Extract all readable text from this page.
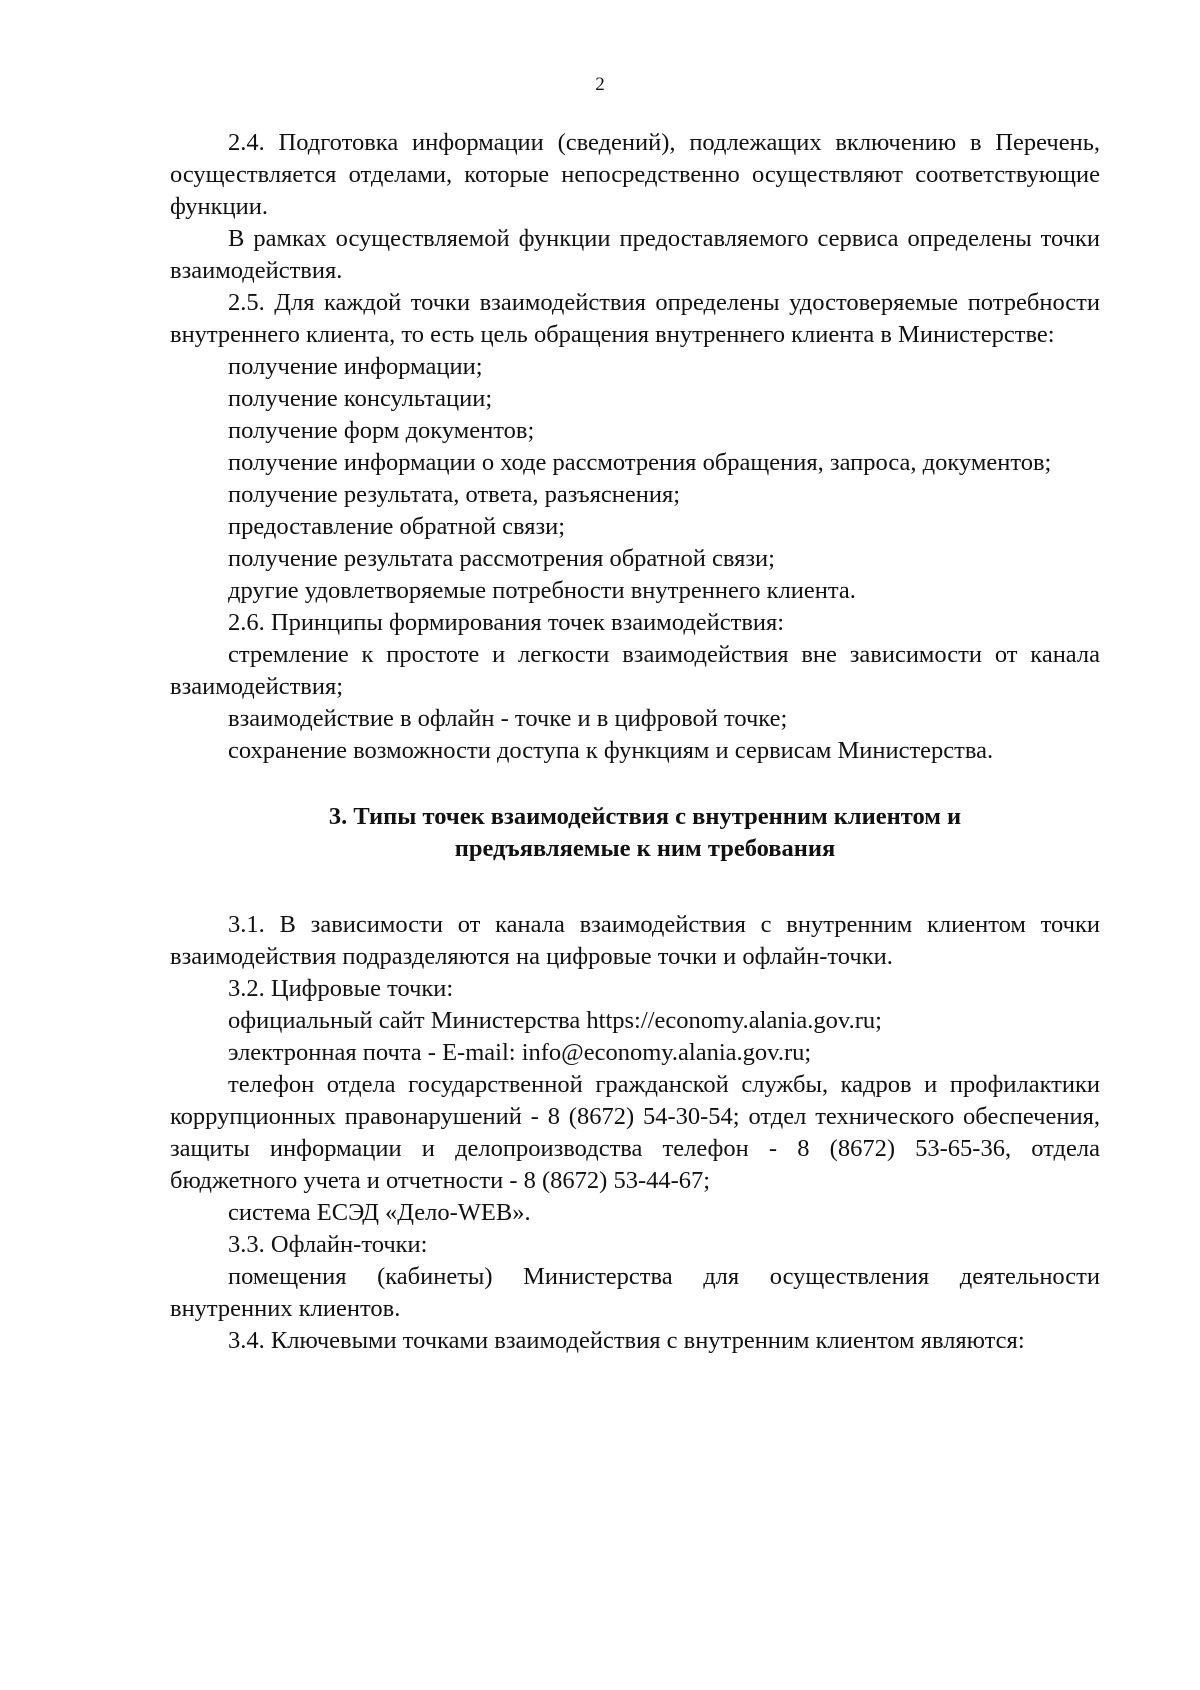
2

2.4. Подготовка информации (сведений), подлежащих включению в Перечень, осуществляется отделами, которые непосредственно осуществляют соответствующие функции.

В рамках осуществляемой функции предоставляемого сервиса определены точки взаимодействия.

2.5. Для каждой точки взаимодействия определены удостоверяемые потребности внутреннего клиента, то есть цель обращения внутреннего клиента в Министерстве:

получение информации;

получение консультации;

получение форм документов;

получение информации о ходе рассмотрения обращения, запроса, документов;

получение результата, ответа, разъяснения;

предоставление обратной связи;

получение результата рассмотрения обратной связи;

другие удовлетворяемые потребности внутреннего клиента.

2.6. Принципы формирования точек взаимодействия:

стремление к простоте и легкости взаимодействия вне зависимости от канала взаимодействия;

взаимодействие в офлайн - точке и в цифровой точке;

сохранение возможности доступа к функциям и сервисам Министерства.

3. Типы точек взаимодействия с внутренним клиентом и
предъявляемые к ним требования

3.1. В зависимости от канала взаимодействия с внутренним клиентом точки взаимодействия подразделяются на цифровые точки и офлайн-точки.

3.2. Цифровые точки:

официальный сайт Министерства https://economy.alania.gov.ru;

электронная почта - E-mail: info@economy.alania.gov.ru;

телефон отдела государственной гражданской службы, кадров и профилактики коррупционных правонарушений - 8 (8672) 54-30-54; отдел технического обеспечения, защиты информации и делопроизводства телефон - 8 (8672) 53-65-36, отдела бюджетного учета и отчетности - 8 (8672) 53-44-67;

система ЕСЭД «Дело-WEB».

3.3. Офлайн-точки:

помещения (кабинеты) Министерства для осуществления деятельности внутренних клиентов.

3.4. Ключевыми точками взаимодействия с внутренним клиентом являются:
